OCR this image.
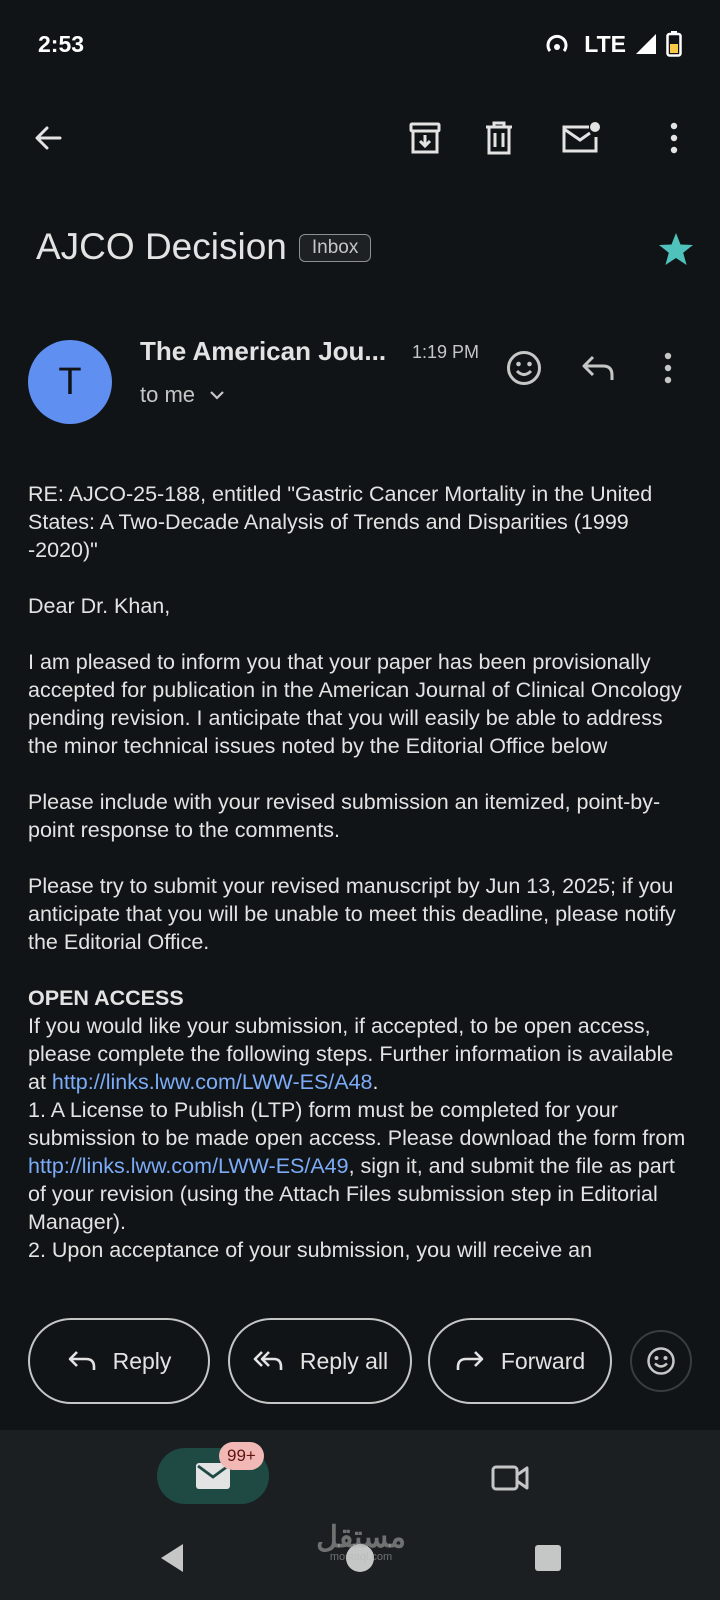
2:53	LTE
AJCO Decision	Inbox
T
The American Jou... 1:19 PM
to me

RE: AJCO-25-188, entitled "Gastric Cancer Mortality in the United States: A Two-Decade Analysis of Trends and Disparities (1999 -2020)"

Dear Dr. Khan,

I am pleased to inform you that your paper has been provisionally accepted for publication in the American Journal of Clinical Oncology pending revision. I anticipate that you will easily be able to address the minor technical issues noted by the Editorial Office below

Please include with your revised submission an itemized, point-by-point response to the comments.

Please try to submit your revised manuscript by Jun 13, 2025; if you anticipate that you will be unable to meet this deadline, please notify the Editorial Office.

OPEN ACCESS

If you would like your submission, if accepted, to be open access, please complete the following steps. Further information is available at http://links.lww.com/LWW-ES/A48.

1. A License to Publish (LTP) form must be completed for your submission to be made open access. Please download the form from http://links.lww.com/LWW-ES/A49, sign it, and submit the file as part of your revision (using the Attach Files submission step in Editorial Manager).

2. Upon acceptance of your submission, you will receive an

Reply	Reply all	Forward
99+
مستقل
mostaql.com
